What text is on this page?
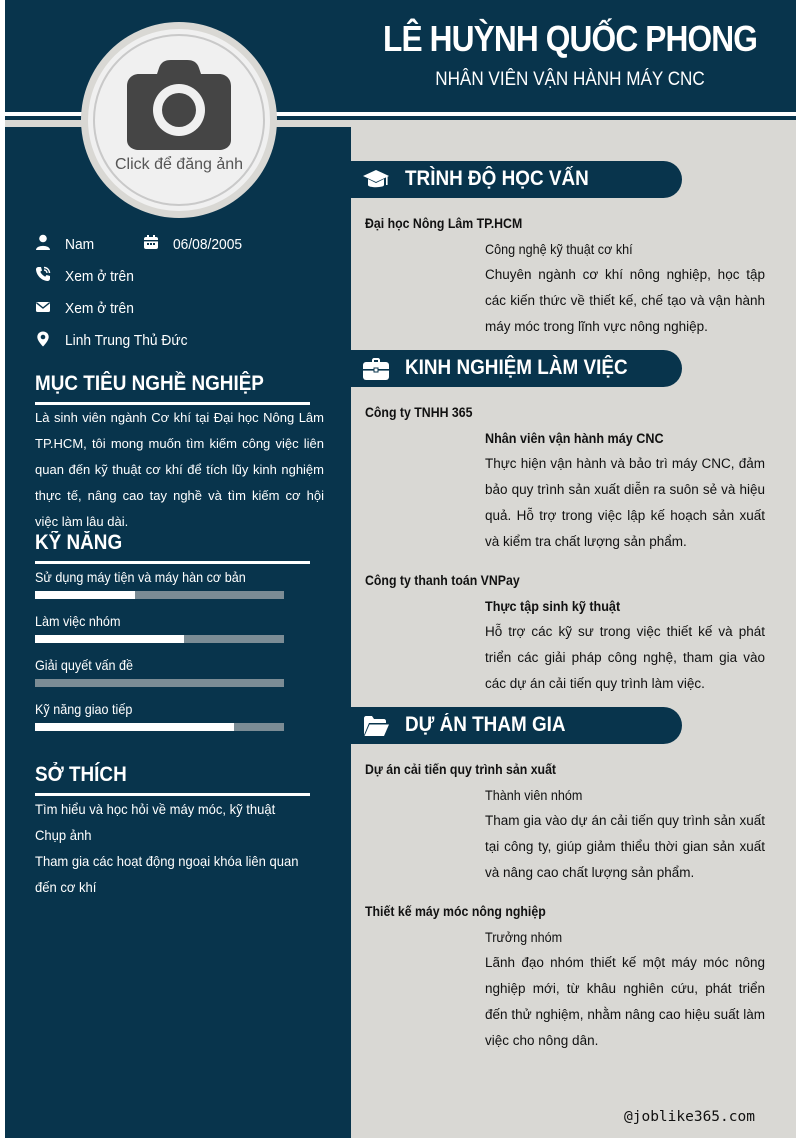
LÊ HUỲNH QUỐC PHONG
NHÂN VIÊN VẬN HÀNH MÁY CNC
Nam	06/08/2005
Xem ở trên
Xem ở trên
Linh Trung Thủ Đức
MỤC TIÊU NGHỀ NGHIỆP
Là sinh viên ngành Cơ khí tại Đại học Nông Lâm TP.HCM, tôi mong muốn tìm kiếm công việc liên quan đến kỹ thuật cơ khí để tích lũy kinh nghiệm thực tế, nâng cao tay nghề và tìm kiếm cơ hội việc làm lâu dài.
KỸ NĂNG
Sử dụng máy tiện và máy hàn cơ bản
Làm việc nhóm
Giải quyết vấn đề
Kỹ năng giao tiếp
SỞ THÍCH
Tìm hiểu và học hỏi về máy móc, kỹ thuật
Chụp ảnh
Tham gia các hoạt động ngoại khóa liên quan đến cơ khí
Click để đăng ảnh
TRÌNH ĐỘ HỌC VẤN
Đại học Nông Lâm TP.HCM
Công nghệ kỹ thuật cơ khí
Chuyên ngành cơ khí nông nghiệp, học tập các kiến thức về thiết kế, chế tạo và vận hành máy móc trong lĩnh vực nông nghiệp.
KINH NGHIỆM LÀM VIỆC
Công ty TNHH 365
Nhân viên vận hành máy CNC
Thực hiện vận hành và bảo trì máy CNC, đảm bảo quy trình sản xuất diễn ra suôn sẻ và hiệu quả. Hỗ trợ trong việc lập kế hoạch sản xuất và kiểm tra chất lượng sản phẩm.
Công ty thanh toán VNPay
Thực tập sinh kỹ thuật
Hỗ trợ các kỹ sư trong việc thiết kế và phát triển các giải pháp công nghệ, tham gia vào các dự án cải tiến quy trình làm việc.
DỰ ÁN THAM GIA
Dự án cải tiến quy trình sản xuất
Thành viên nhóm
Tham gia vào dự án cải tiến quy trình sản xuất tại công ty, giúp giảm thiểu thời gian sản xuất và nâng cao chất lượng sản phẩm.
Thiết kế máy móc nông nghiệp
Trưởng nhóm
Lãnh đạo nhóm thiết kế một máy móc nông nghiệp mới, từ khâu nghiên cứu, phát triển đến thử nghiệm, nhằm nâng cao hiệu suất làm việc cho nông dân.
@joblike365.com
